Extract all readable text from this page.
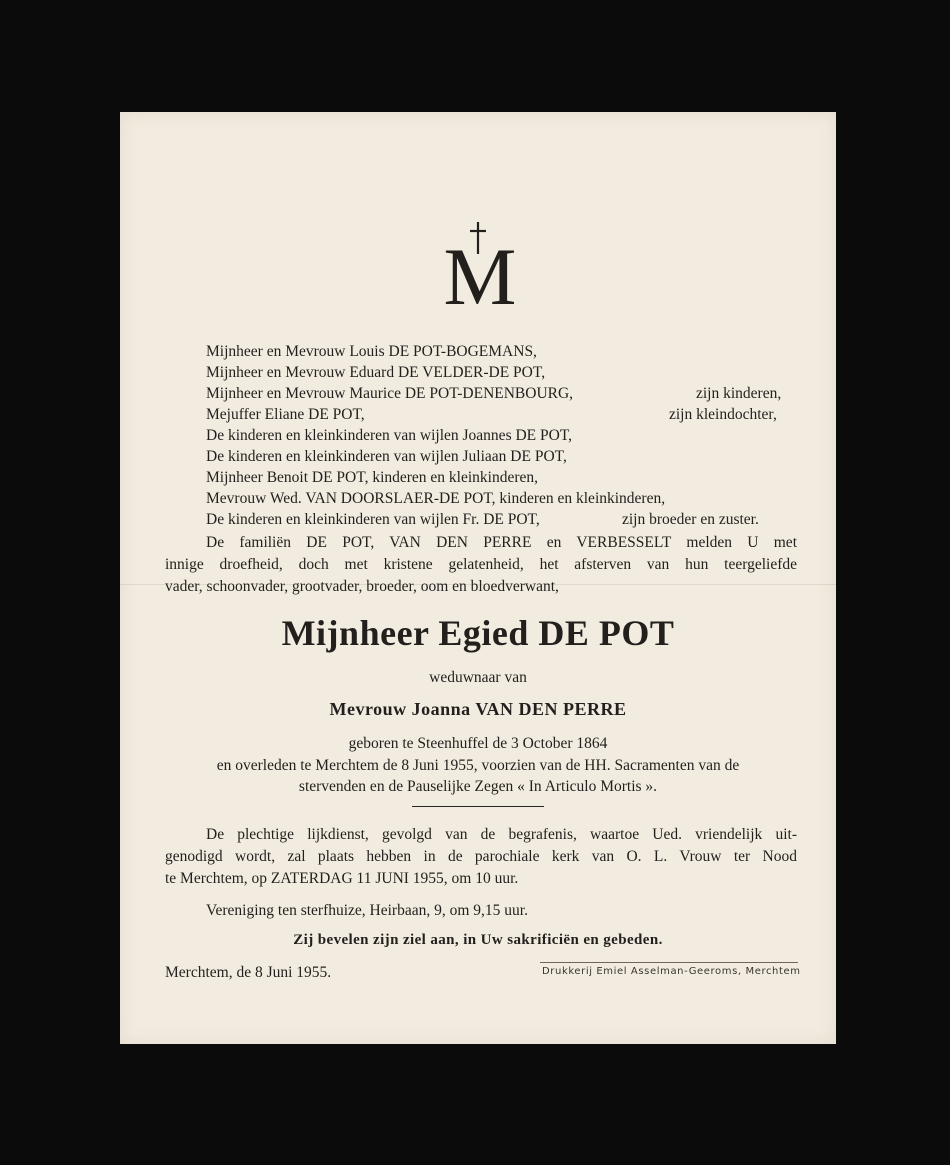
M
Mijnheer en Mevrouw Louis DE POT-BOGEMANS,
Mijnheer en Mevrouw Eduard DE VELDER-DE POT,
Mijnheer en Mevrouw Maurice DE POT-DENENBOURG,	zijn kinderen,
Mejuffer Eliane DE POT,	zijn kleindochter,
De kinderen en kleinkinderen van wijlen Joannes DE POT,
De kinderen en kleinkinderen van wijlen Juliaan DE POT,
Mijnheer Benoit DE POT, kinderen en kleinkinderen,
Mevrouw Wed. VAN DOORSLAER-DE POT, kinderen en kleinkinderen,
De kinderen en kleinkinderen van wijlen Fr. DE POT,	zijn broeder en zuster.
De familiën DE POT, VAN DEN PERRE en VERBESSELT melden U met
innige droefheid, doch met kristene gelatenheid, het afsterven van hun teergeliefde
vader, schoonvader, grootvader, broeder, oom en bloedverwant,
Mijnheer Egied DE POT
weduwnaar van
Mevrouw Joanna VAN DEN PERRE
geboren te Steenhuffel de 3 October 1864
en overleden te Merchtem de 8 Juni 1955, voorzien van de HH. Sacramenten van de
stervenden en de Pauselijke Zegen « In Articulo Mortis ».
De plechtige lijkdienst, gevolgd van de begrafenis, waartoe Ued. vriendelijk uit-
genodigd wordt, zal plaats hebben in de parochiale kerk van O. L. Vrouw ter Nood
te Merchtem, op ZATERDAG 11 JUNI 1955, om 10 uur.
Vereniging ten sterfhuize, Heirbaan, 9, om 9,15 uur.
Zij bevelen zijn ziel aan, in Uw sakrificiën en gebeden.
Merchtem, de 8 Juni 1955.	Drukkerij Emiel Asselman-Geeroms, Merchtem
